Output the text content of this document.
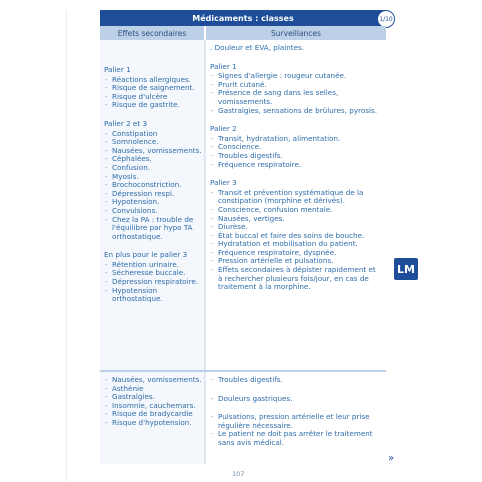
Médicaments : classes	1/10
Effets secondaires	Surveillances
Palier 1
- Réactions allergiques.
- Risque de saignement.
- Risque d'ulcère
- Risque de gastrite.
Palier 2 et 3
- Constipation
- Somnolence.
- Nausées, vomissements.
- Céphalées.
- Confusion.
- Myosis.
- Brochoconstriction.
- Dépression respi.
- Hypotension.
- Convulsions.
- Chez la PA : trouble de l'équilibre par hypo TA orthostatique.
En plus pour le palier 3
- Rétention urinaire.
- Sécheresse buccale.
- Dépression respiratoire.
- Hypotension orthostatique.

. Douleur et EVA, plaintes.

Palier 1
- Signes d'allergie : rougeur cutanée.
- Prurit cutané.
- Présence de sang dans les selles, vomissements.
- Gastralgies, sensations de brûlures, pyrosis.
Palier 2
- Transit, hydratation, alimentation.
- Conscience.
- Troubles digestifs.
- Fréquence respiratoire.
Palier 3
- Transit et prévention systématique de la constipation (morphine et dérivés).
- Conscience, confusion mentale.
- Nausées, vertiges.
- Diurèse.
- État buccal et faire des soins de bouche.
- Hydratation et mobilisation du patient.
- Fréquence respiratoire, dyspnée.
- Pression artérielle et pulsations.
- Effets secondaires à dépister rapidement et à rechercher plusieurs fois/jour, en cas de traitement à la morphine.
- Nausées, vomissements.
- Asthénie
- Gastralgies.
- Insomnie, cauchemars.
- Risque de bradycardie
- Risque d'hypotension.
- Troubles digestifs.
- Douleurs gastriques.
- Pulsations, pression artérielle et leur prise régulière nécessaire.
- Le patient ne doit pas arrêter le traitement sans avis médical.
LM
107
»
